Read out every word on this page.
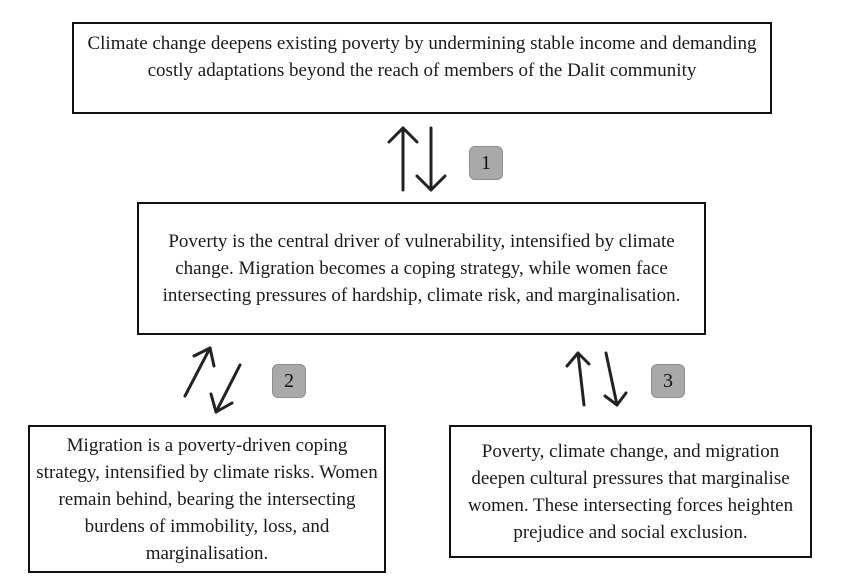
Climate change deepens existing poverty by undermining stable income and demanding costly adaptations beyond the reach of members of the Dalit community
Poverty is the central driver of vulnerability, intensified by climate change. Migration becomes a coping strategy, while women face intersecting pressures of hardship, climate risk, and marginalisation.
Migration is a poverty-driven coping strategy, intensified by climate risks. Women remain behind, bearing the intersecting burdens of immobility, loss, and marginalisation.
Poverty, climate change, and migration deepen cultural pressures that marginalise women. These intersecting forces heighten prejudice and social exclusion.
1
2	3
